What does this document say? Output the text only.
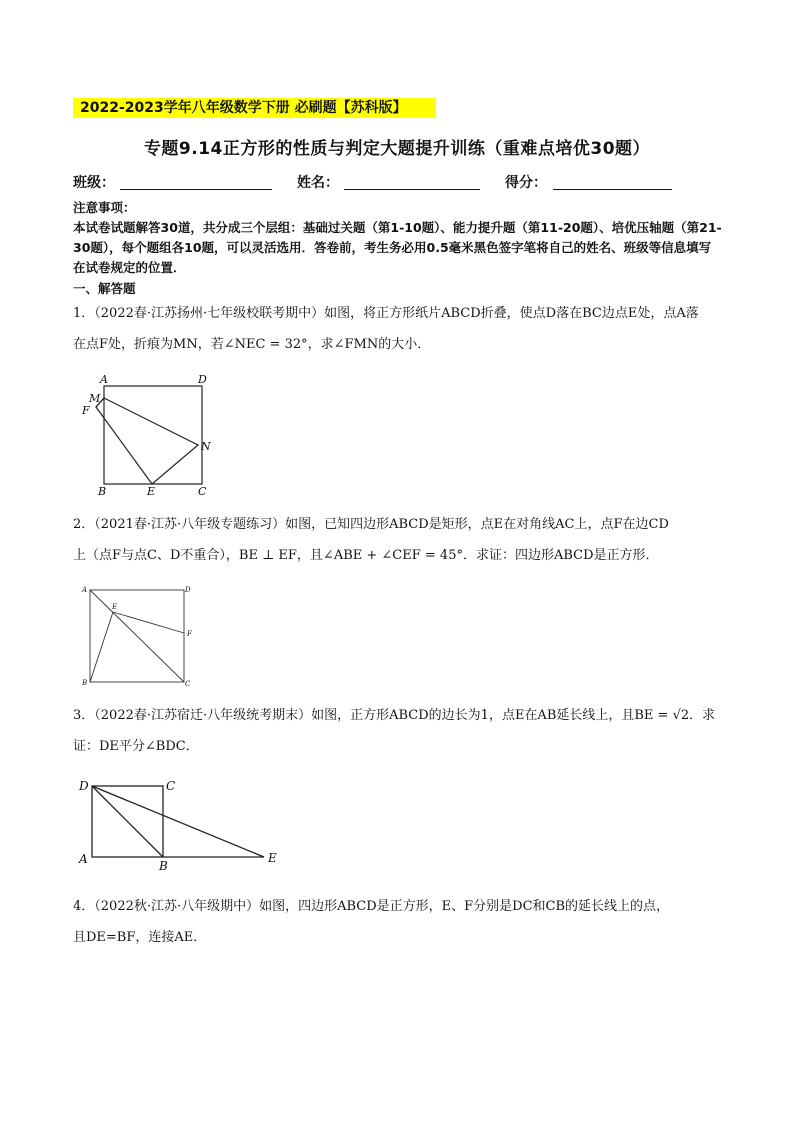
2022-2023学年八年级数学下册 必刷题【苏科版】
专题9.14正方形的性质与判定大题提升训练（重难点培优30题）
班级：	姓名：	得分：
注意事项：
本试卷试题解答30道，共分成三个层组：基础过关题（第1-10题）、能力提升题（第11-20题）、培优压轴题（第21-30题），每个题组各10题，可以灵活选用．答卷前，考生务必用0.5毫米黑色签字笔将自己的姓名、班级等信息填写在试卷规定的位置．
一、解答题
1．（2022春·江苏扬州·七年级校联考期中）如图，将正方形纸片ABCD折叠，使点D落在BC边点E处，点A落
在点F处，折痕为MN，若∠NEC = 32°，求∠FMN的大小．
A	D
M
F
N
B	E	C
2．（2021春·江苏·八年级专题练习）如图，已知四边形ABCD是矩形，点E在对角线AC上，点F在边CD
上（点F与点C、D不重合），BE ⊥ EF，且∠ABE + ∠CEF = 45°．求证：四边形ABCD是正方形．
A	D
E
F
B	C
3．（2022春·江苏宿迁·八年级统考期末）如图，正方形ABCD的边长为1，点E在AB延长线上，且BE = √2．求
证：DE平分∠BDC．
D	C
A	B
E
4．（2022秋·江苏·八年级期中）如图，四边形ABCD是正方形，E、F分别是DC和CB的延长线上的点，
且DE=BF，连接AE．
